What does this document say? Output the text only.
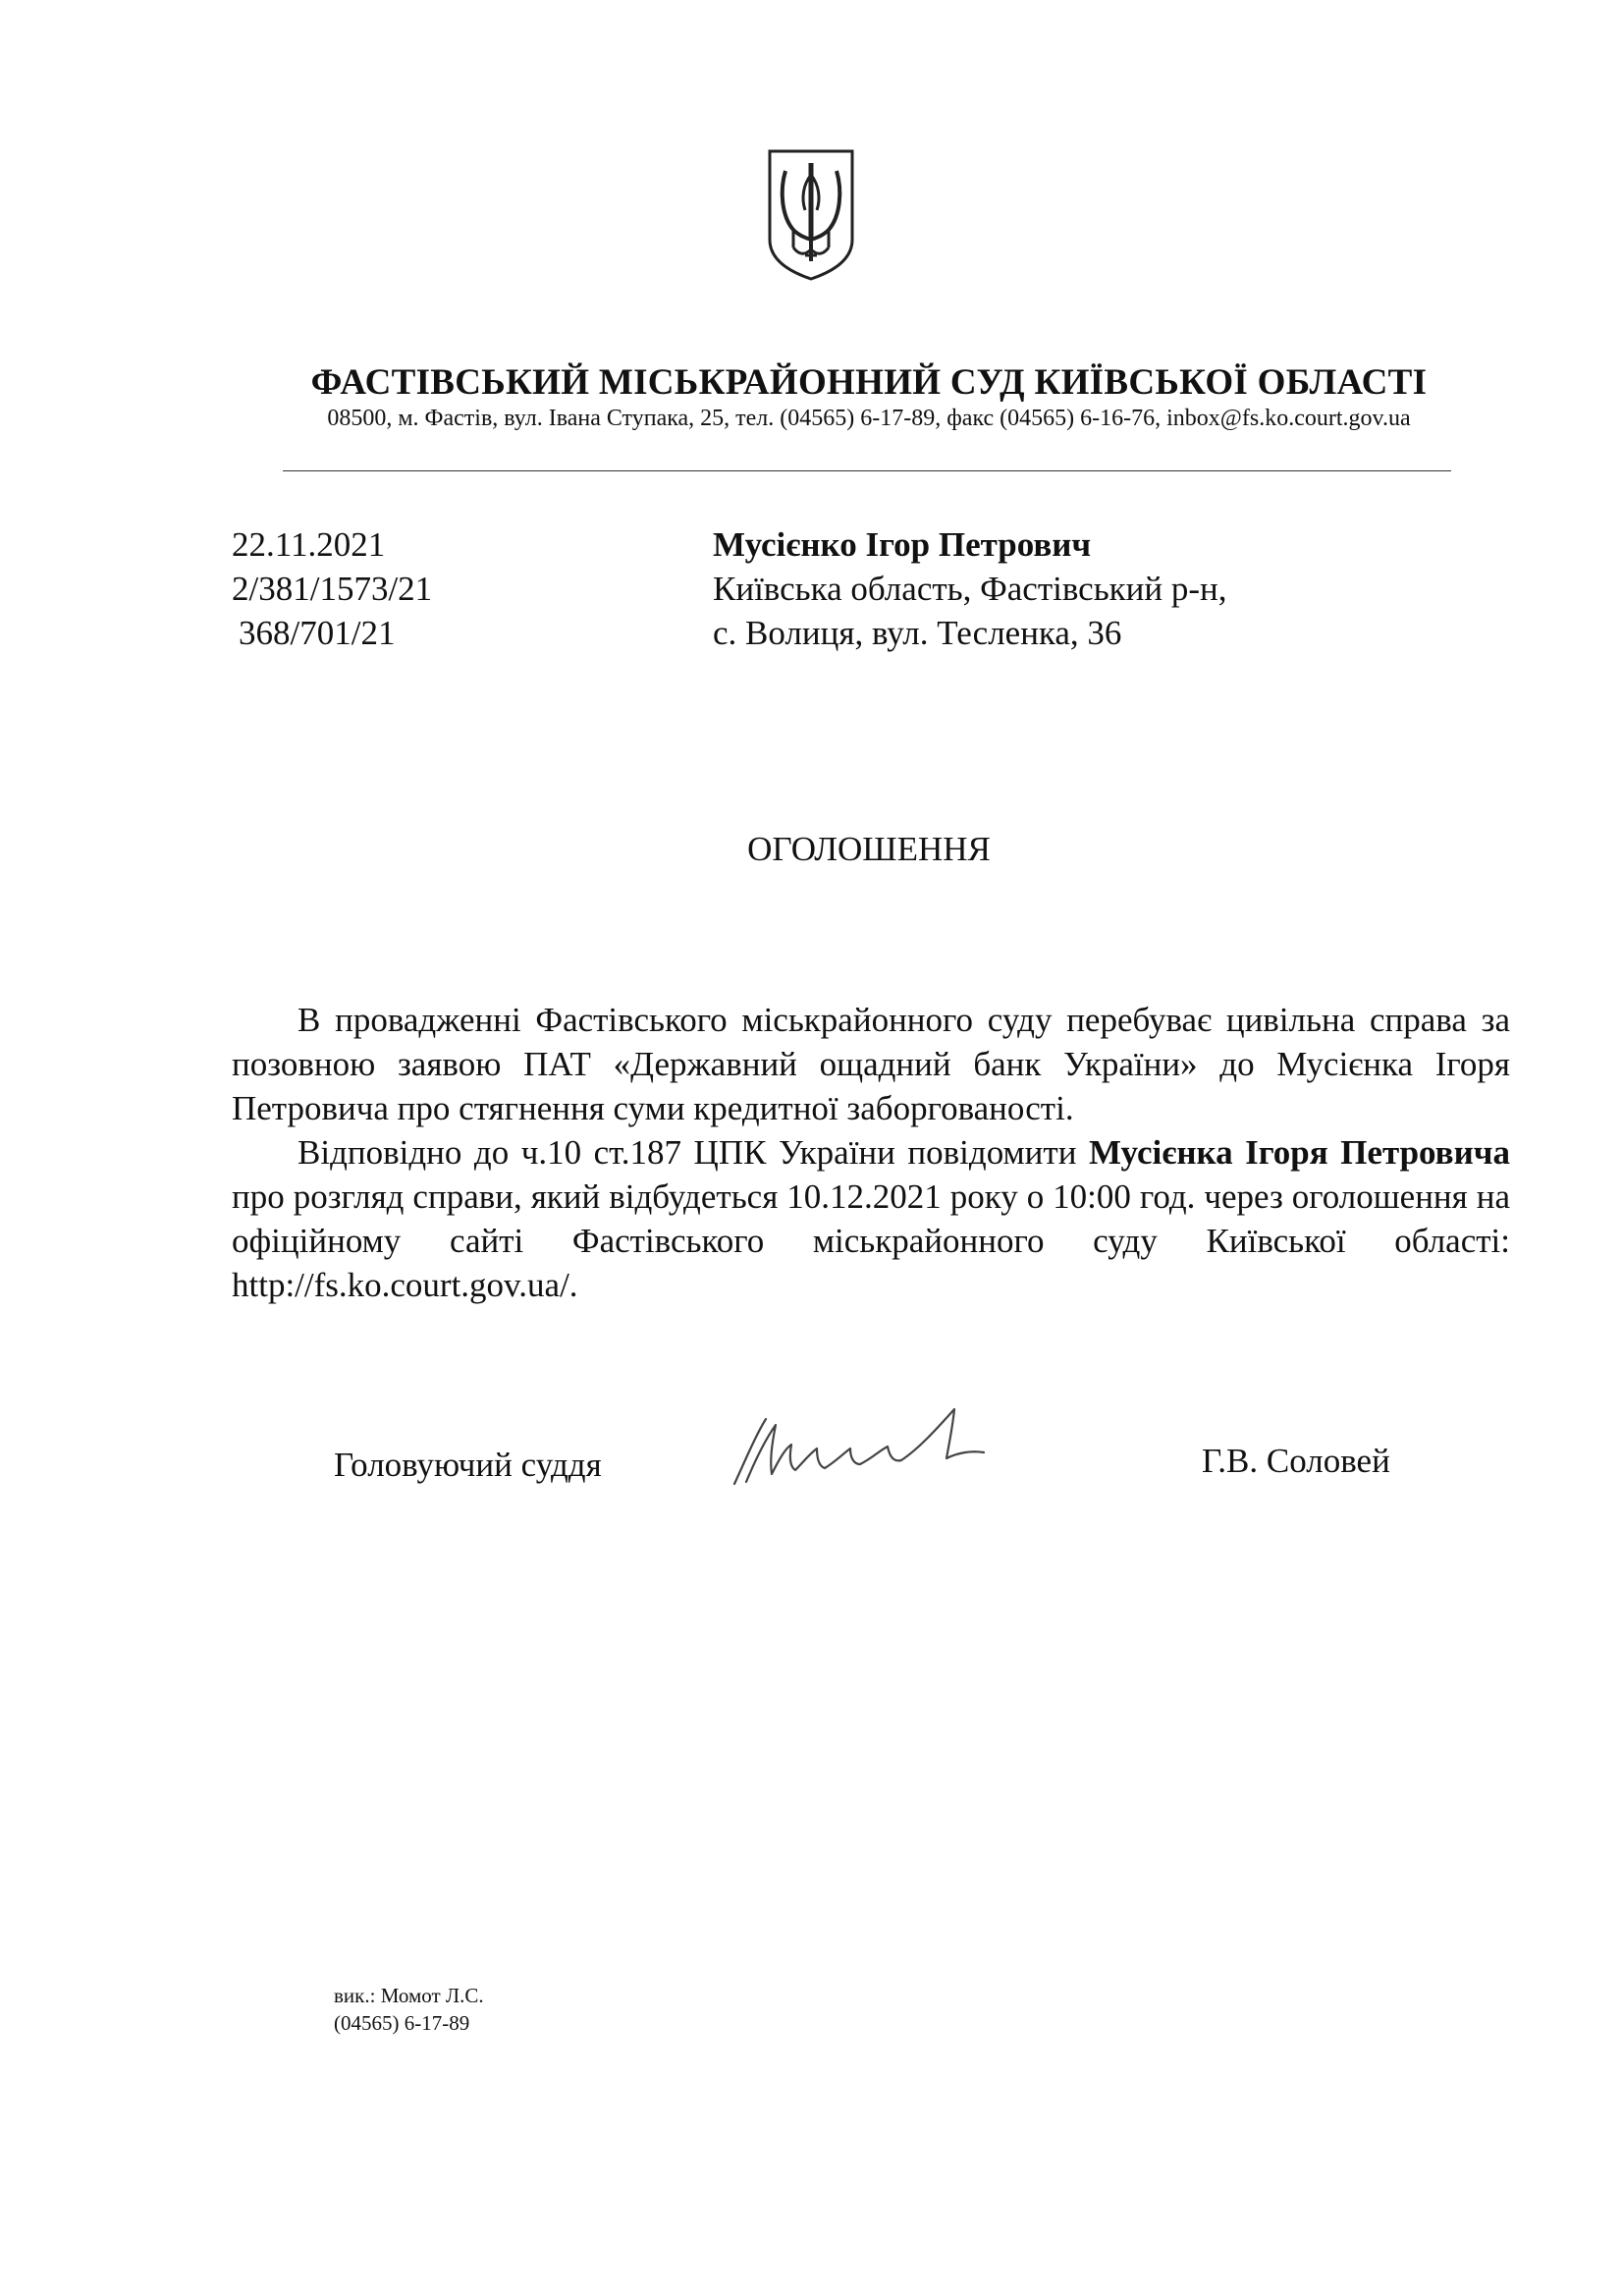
ФАСТІВСЬКИЙ МІСЬКРАЙОННИЙ СУД КИЇВСЬКОЇ ОБЛАСТІ
08500, м. Фастів, вул. Івана Ступака, 25, тел. (04565) 6-17-89, факс (04565) 6-16-76, inbox@fs.ko.court.gov.ua
22.11.2021
2/381/1573/21
368/701/21
Мусієнко Ігор Петрович
Київська область, Фастівський р-н,
с. Волиця, вул. Тесленка, 36
ОГОЛОШЕННЯ

В провадженні Фастівського міськрайонного суду перебуває цивільна справа за позовною заявою ПАТ «Державний ощадний банк України» до Мусієнка Ігоря Петровича про стягнення суми кредитної заборгованості.

Відповідно до ч.10 ст.187 ЦПК України повідомити Мусієнка Ігоря Петровича про розгляд справи, який відбудеться 10.12.2021 року о 10:00 год. через оголошення на офіційному сайті Фастівського міськрайонного суду Київської області: http://fs.ko.court.gov.ua/.

Головуючий суддя	Г.В. Соловей
вик.: Момот Л.С.
(04565) 6-17-89
